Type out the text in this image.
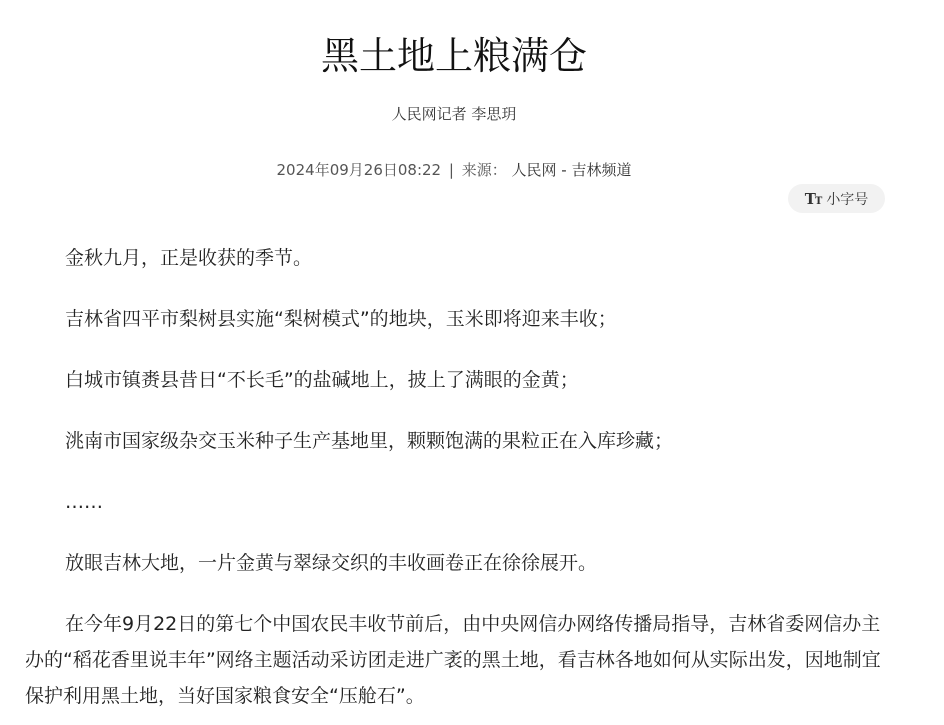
黑土地上粮满仓
人民网记者 李思玥
2024年09月26日08:22 | 来源： 人民网 - 吉林频道
TT 小字号

金秋九月，正是收获的季节。

吉林省四平市梨树县实施“梨树模式”的地块，玉米即将迎来丰收；

白城市镇赉县昔日“不长毛”的盐碱地上，披上了满眼的金黄；

洮南市国家级杂交玉米种子生产基地里，颗颗饱满的果粒正在入库珍藏；

……

放眼吉林大地，一片金黄与翠绿交织的丰收画卷正在徐徐展开。

在今年9月22日的第七个中国农民丰收节前后，由中央网信办网络传播局指导，吉林省委网信办主办的“稻花香里说丰年”网络主题活动采访团走进广袤的黑土地，看吉林各地如何从实际出发，因地制宜保护利用黑土地，当好国家粮食安全“压舱石”。
